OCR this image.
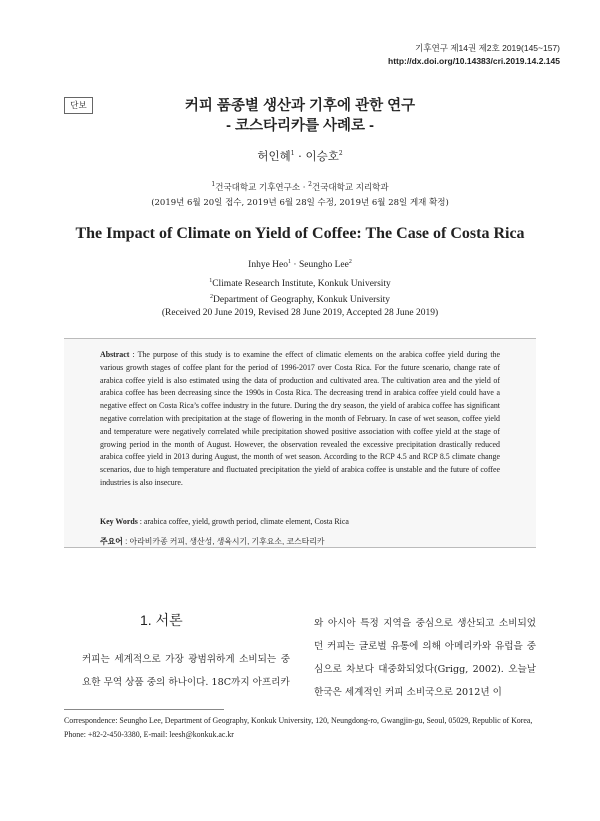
기후연구 제14권 제2호 2019(145~157)
http://dx.doi.org/10.14383/cri.2019.14.2.145
단보	커피 품종별 생산과 기후에 관한 연구
- 코스타리카를 사례로 -
허인혜$^1$ · 이승호$^2$
$^1$건국대학교 기후연구소 · $^2$건국대학교 지리학과
(2019년 6월 20일 접수, 2019년 6월 28일 수정, 2019년 6월 28일 게재 확정)
The Impact of Climate on Yield of Coffee: The Case of Costa Rica
Inhye Heo$^1$ · Seungho Lee$^2$
$^1$Climate Research Institute, Konkuk University
$^2$Department of Geography, Konkuk University
(Received 20 June 2019, Revised 28 June 2019, Accepted 28 June 2019)
Abstract : The purpose of this study is to examine the effect of climatic elements on the arabica coffee yield during the various growth stages of coffee plant for the period of 1996-2017 over Costa Rica. For the future scenario, change rate of arabica coffee yield is also estimated using the data of production and cultivated area. The cultivation area and the yield of arabica coffee has been decreasing since the 1990s in Costa Rica. The decreasing trend in arabica coffee yield could have a negative effect on Costa Rica’s coffee industry in the future. During the dry season, the yield of arabica coffee has significant negative correlation with precipitation at the stage of flowering in the month of February. In case of wet season, coffee yield and temperature were negatively correlated while precipitation showed positive association with coffee yield at the stage of growing period in the month of August. However, the observation revealed the excessive precipitation drastically reduced arabica coffee yield in 2013 during August, the month of wet season. According to the RCP 4.5 and RCP 8.5 climate change scenarios, due to high temperature and fluctuated precipitation the yield of arabica coffee is unstable and the future of coffee industries is also insecure.
Key Words : arabica coffee, yield, growth period, climate element, Costa Rica
주요어 : 아라비카종 커피, 생산성, 생육시기, 기후요소, 코스타리카
1. 서론
커피는 세계적으로 가장 광범위하게 소비되는 중요한 무역 상품 중의 하나이다. 18C까지 아프리카
와 아시아 특정 지역을 중심으로 생산되고 소비되었던 커피는 글로벌 유통에 의해 아메리카와 유럽을 중심으로 차보다 대중화되었다(Grigg, 2002). 오늘날 한국은 세계적인 커피 소비국으로 2012년 이
Correspondence: Seungho Lee, Department of Geography, Konkuk University, 120, Neungdong-ro, Gwangjin-gu, Seoul, 05029, Republic of Korea, Phone: +82-2-450-3380, E-mail: leesh@konkuk.ac.kr
